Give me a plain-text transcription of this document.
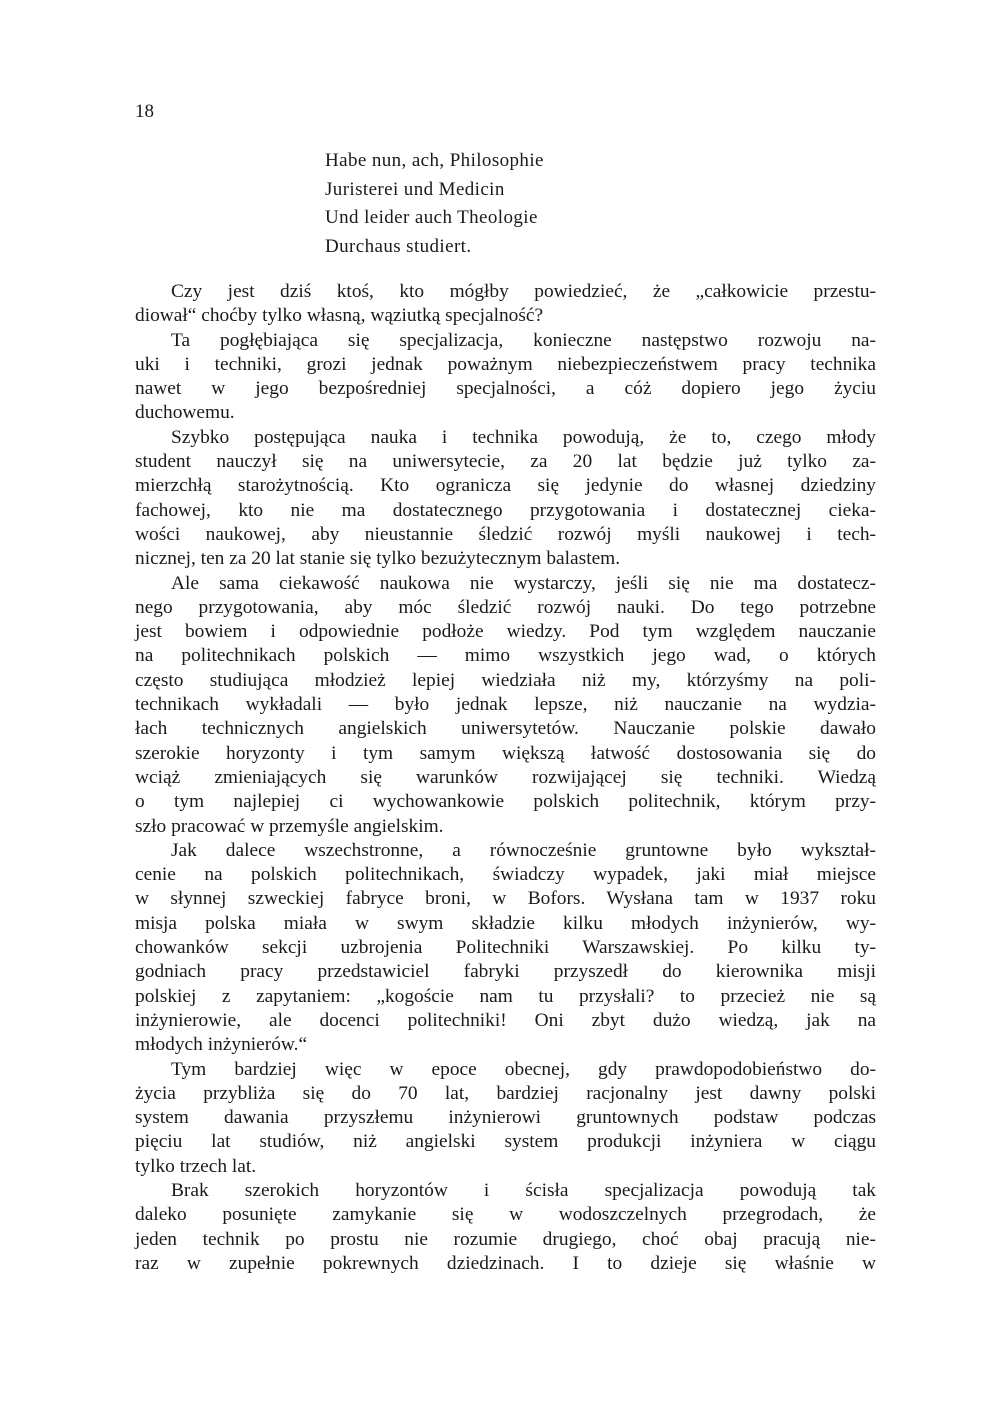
18
Habe nun, ach, Philosophie
Juristerei und Medicin
Und leider auch Theologie
Durchaus studiert.
Czy jest dziś ktoś, kto mógłby powiedzieć, że „całkowicie przestu-
diował“ choćby tylko własną, wąziutką specjalność?
Ta pogłębiająca się specjalizacja, konieczne następstwo rozwoju na-
uki i techniki, grozi jednak poważnym niebezpieczeństwem pracy technika
nawet w jego bezpośredniej specjalności, a cóż dopiero jego życiu
duchowemu.
Szybko postępująca nauka i technika powodują, że to, czego młody
student nauczył się na uniwersytecie, za 20 lat będzie już tylko za-
mierzchłą starożytnością. Kto ogranicza się jedynie do własnej dziedziny
fachowej, kto nie ma dostatecznego przygotowania i dostatecznej cieka-
wości naukowej, aby nieustannie śledzić rozwój myśli naukowej i tech-
nicznej, ten za 20 lat stanie się tylko bezużytecznym balastem.
Ale sama ciekawość naukowa nie wystarczy, jeśli się nie ma dostatecz-
nego przygotowania, aby móc śledzić rozwój nauki. Do tego potrzebne
jest bowiem i odpowiednie podłoże wiedzy. Pod tym względem nauczanie
na politechnikach polskich — mimo wszystkich jego wad, o których
często studiująca młodzież lepiej wiedziała niż my, którzyśmy na poli-
technikach wykładali — było jednak lepsze, niż nauczanie na wydzia-
łach technicznych angielskich uniwersytetów. Nauczanie polskie dawało
szerokie horyzonty i tym samym większą łatwość dostosowania się do
wciąż zmieniających się warunków rozwijającej się techniki. Wiedzą
o tym najlepiej ci wychowankowie polskich politechnik, którym przy-
szło pracować w przemyśle angielskim.
Jak dalece wszechstronne, a równocześnie gruntowne było wykształ-
cenie na polskich politechnikach, świadczy wypadek, jaki miał miejsce
w słynnej szweckiej fabryce broni, w Bofors. Wysłana tam w 1937 roku
misja polska miała w swym składzie kilku młodych inżynierów, wy-
chowanków sekcji uzbrojenia Politechniki Warszawskiej. Po kilku ty-
godniach pracy przedstawiciel fabryki przyszedł do kierownika misji
polskiej z zapytaniem: „kogoście nam tu przysłali? to przecież nie są
inżynierowie, ale docenci politechniki! Oni zbyt dużo wiedzą, jak na
młodych inżynierów.“
Tym bardziej więc w epoce obecnej, gdy prawdopodobieństwo do-
życia przybliża się do 70 lat, bardziej racjonalny jest dawny polski
system dawania przyszłemu inżynierowi gruntownych podstaw podczas
pięciu lat studiów, niż angielski system produkcji inżyniera w ciągu
tylko trzech lat.
Brak szerokich horyzontów i ścisła specjalizacja powodują tak
daleko posunięte zamykanie się w wodoszczelnych przegrodach, że
jeden technik po prostu nie rozumie drugiego, choć obaj pracują nie-
raz w zupełnie pokrewnych dziedzinach. I to dzieje się właśnie w
